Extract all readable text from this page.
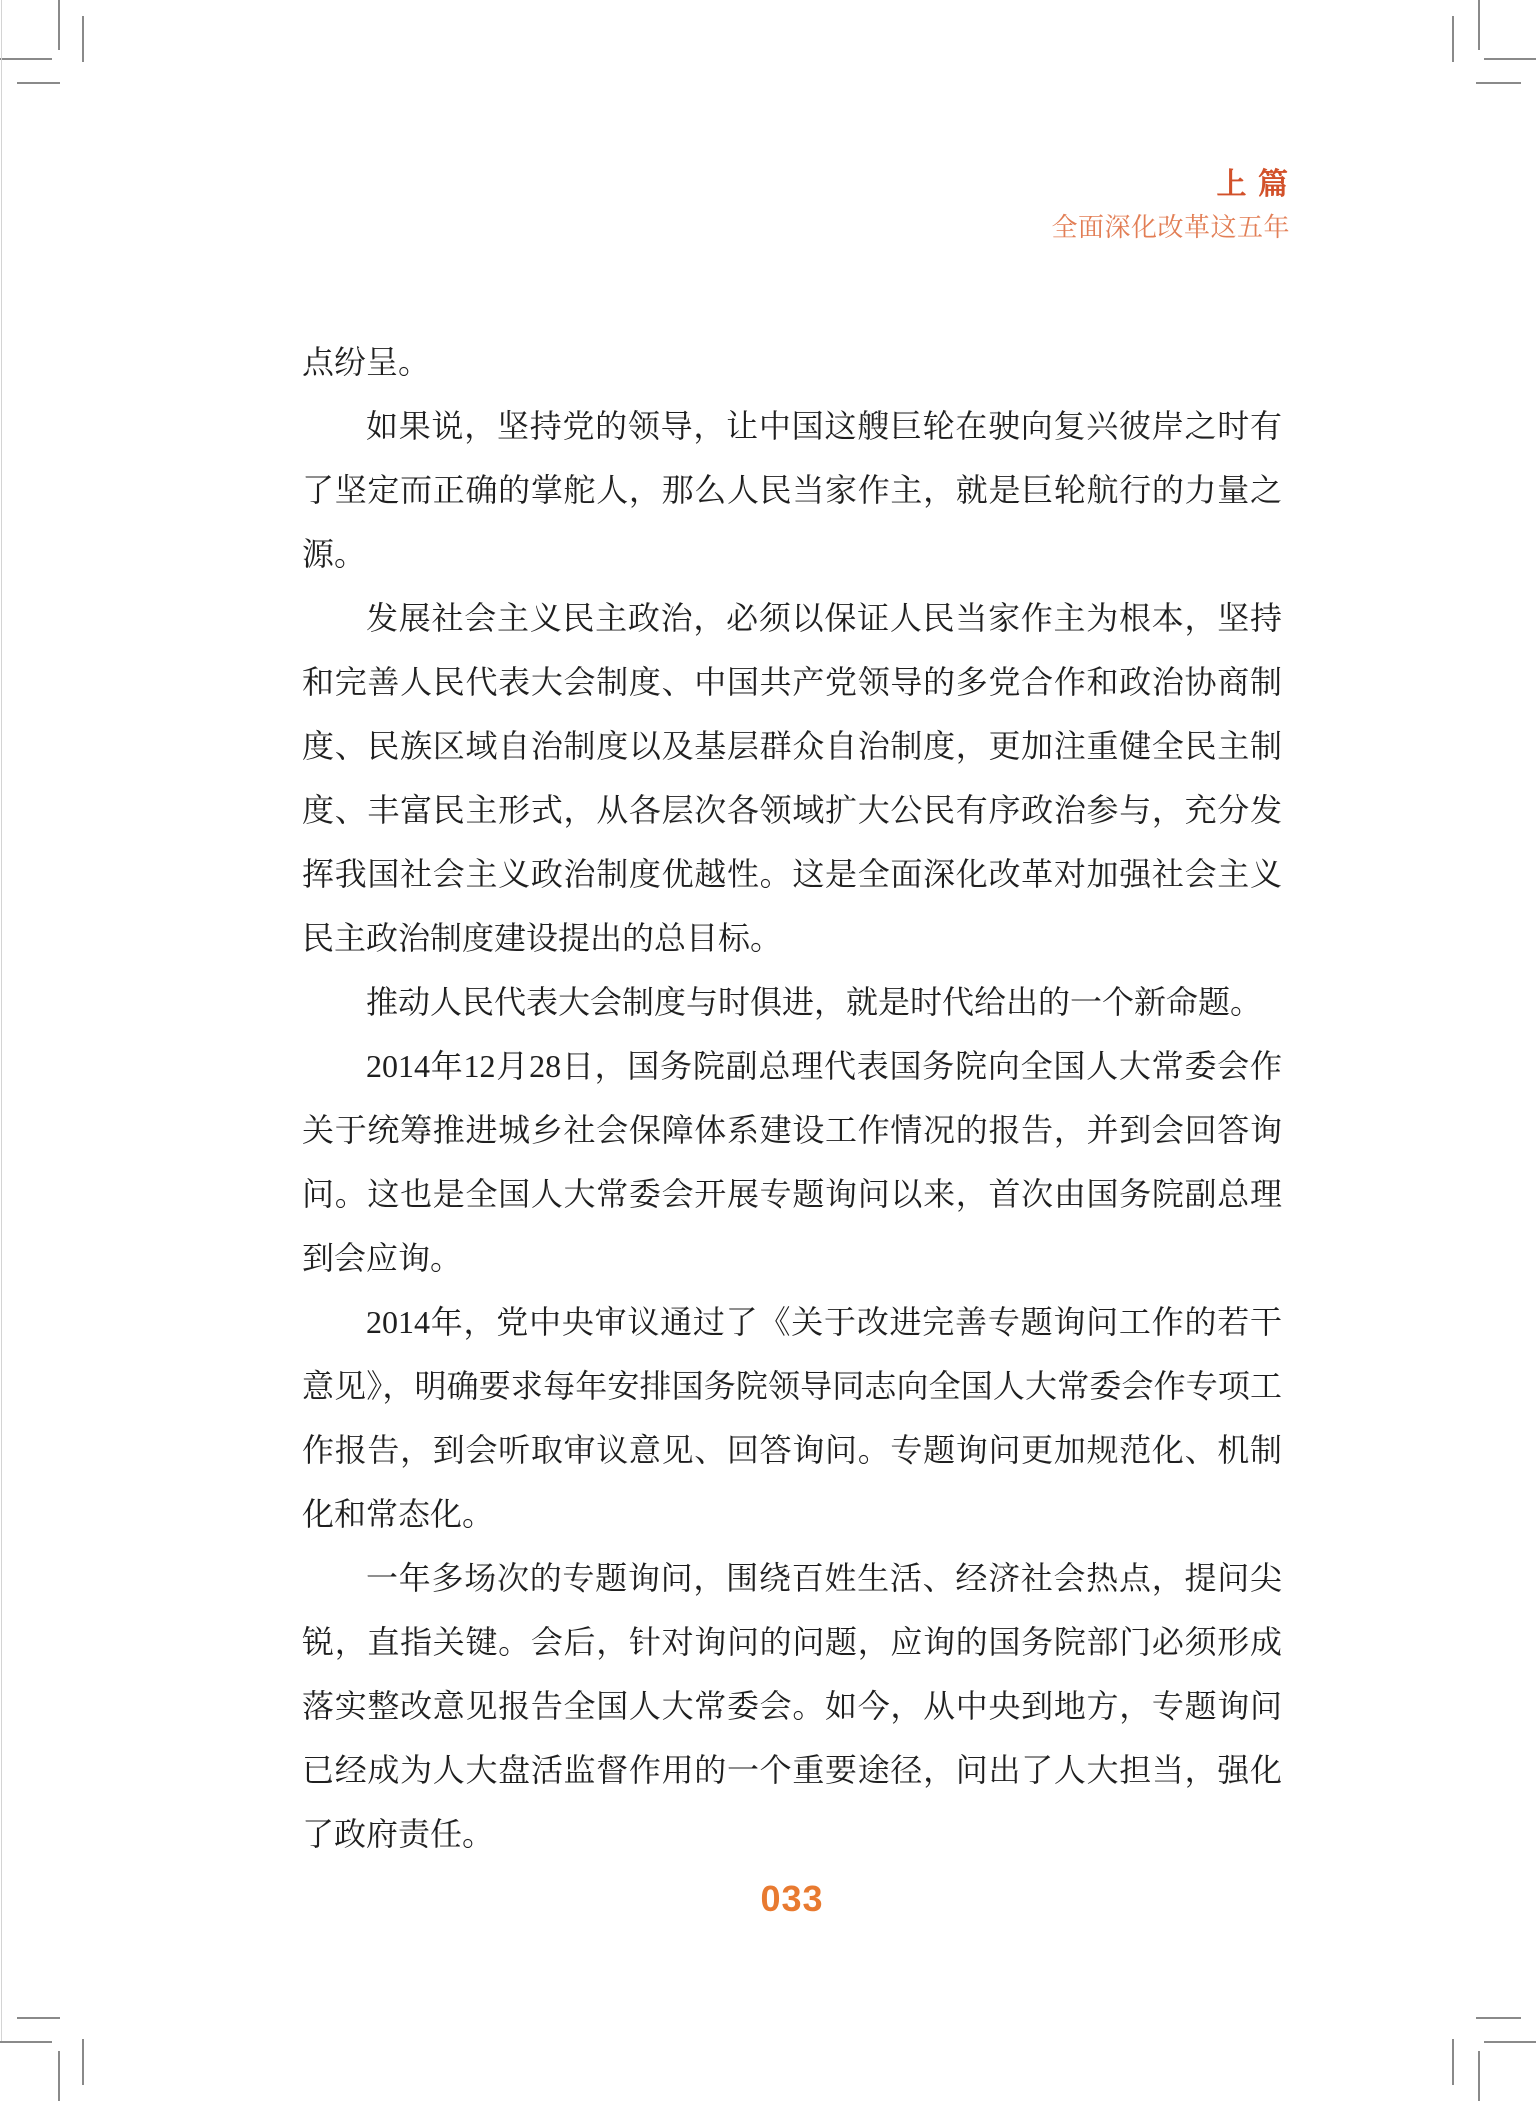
上 篇
全面深化改革这五年

点纷呈。

如果说，坚持党的领导，让中国这艘巨轮在驶向复兴彼岸之时有了坚定而正确的掌舵人，那么人民当家作主，就是巨轮航行的力量之源。

发展社会主义民主政治，必须以保证人民当家作主为根本，坚持和完善人民代表大会制度、中国共产党领导的多党合作和政治协商制度、民族区域自治制度以及基层群众自治制度，更加注重健全民主制度、丰富民主形式，从各层次各领域扩大公民有序政治参与，充分发挥我国社会主义政治制度优越性。这是全面深化改革对加强社会主义民主政治制度建设提出的总目标。

推动人民代表大会制度与时俱进，就是时代给出的一个新命题。

2014年12月28日，国务院副总理代表国务院向全国人大常委会作关于统筹推进城乡社会保障体系建设工作情况的报告，并到会回答询问。这也是全国人大常委会开展专题询问以来，首次由国务院副总理到会应询。

2014年，党中央审议通过了《关于改进完善专题询问工作的若干意见》，明确要求每年安排国务院领导同志向全国人大常委会作专项工作报告，到会听取审议意见、回答询问。专题询问更加规范化、机制化和常态化。

一年多场次的专题询问，围绕百姓生活、经济社会热点，提问尖锐，直指关键。会后，针对询问的问题，应询的国务院部门必须形成落实整改意见报告全国人大常委会。如今，从中央到地方，专题询问已经成为人大盘活监督作用的一个重要途径，问出了人大担当，强化了政府责任。

033
